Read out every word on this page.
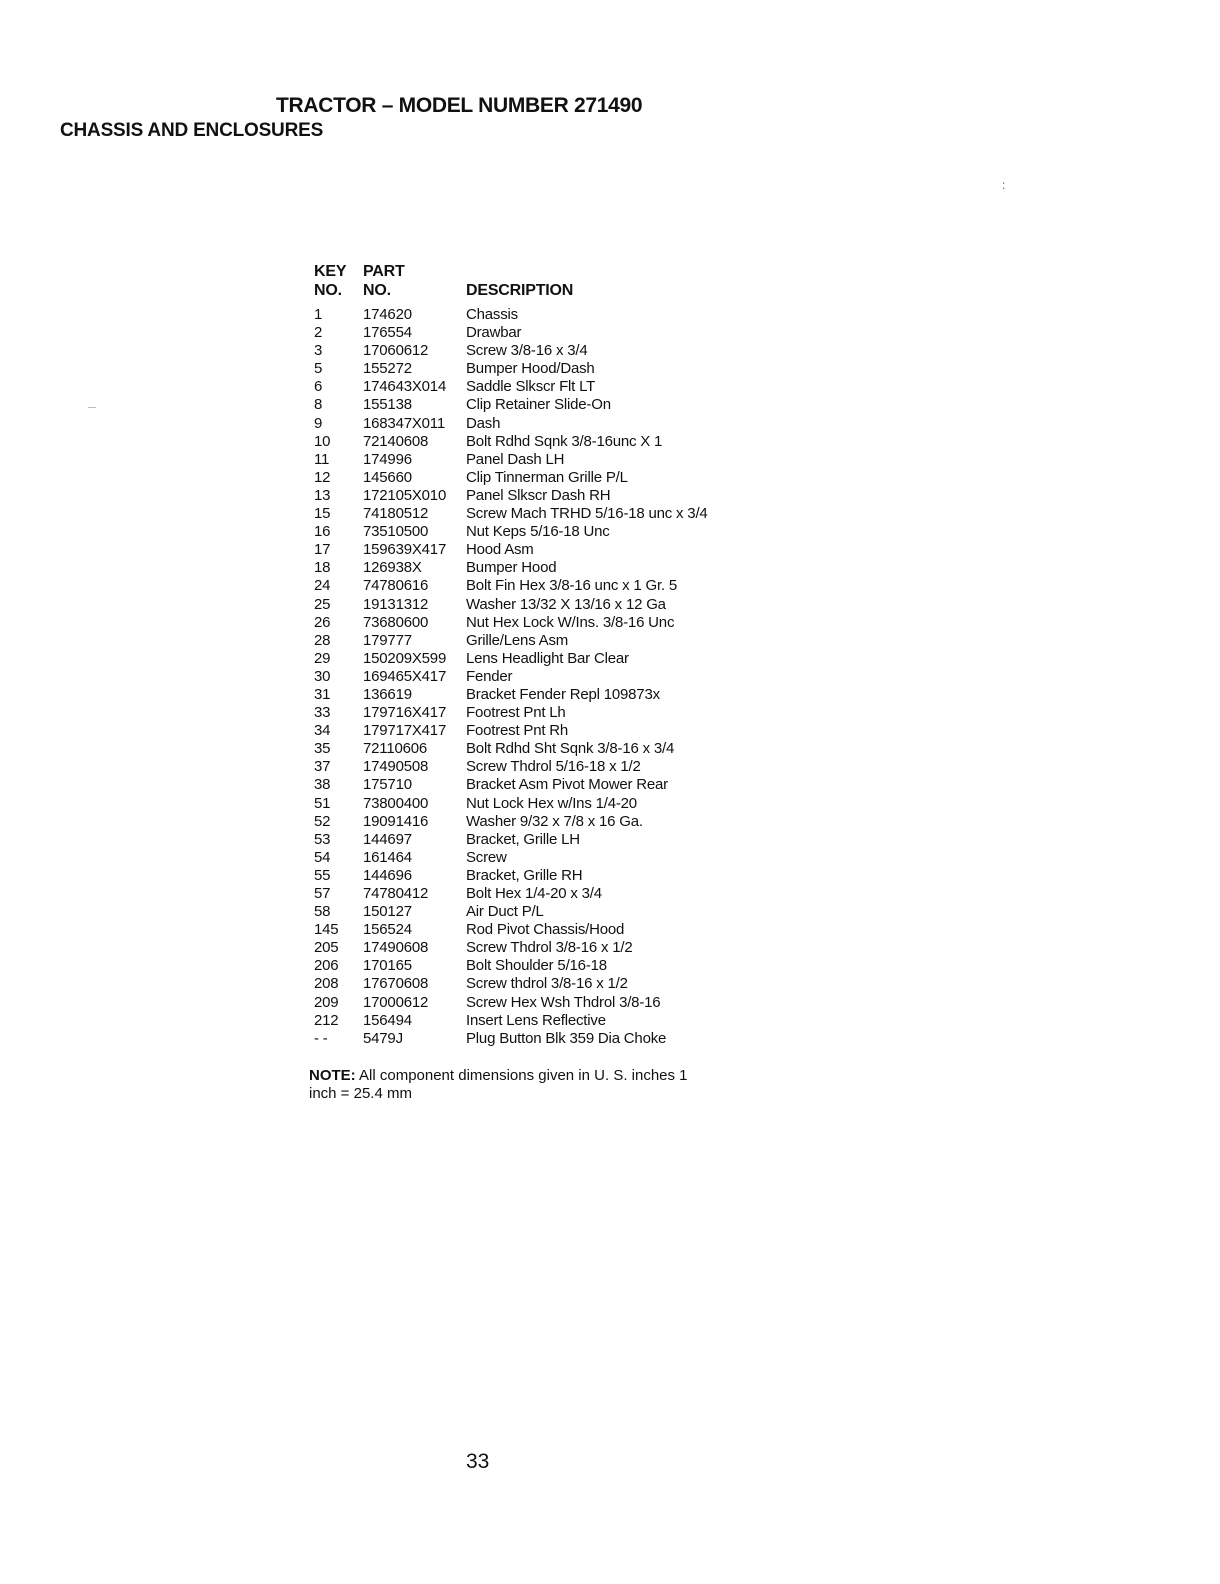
TRACTOR – MODEL NUMBER 271490
CHASSIS AND ENCLOSURES
:
KEY	PART	
NO.	NO.	DESCRIPTION
1	174620	Chassis
2	176554	Drawbar
3	17060612	Screw 3/8-16 x 3/4
5	155272	Bumper Hood/Dash
6	174643X014	Saddle Slkscr Flt LT
8	155138	Clip Retainer Slide-On
9	168347X011	Dash
10	72140608	Bolt Rdhd Sqnk 3/8-16unc X 1
11	174996	Panel Dash LH
12	145660	Clip Tinnerman Grille P/L
13	172105X010	Panel Slkscr Dash RH
15	74180512	Screw Mach TRHD 5/16-18 unc x 3/4
16	73510500	Nut Keps 5/16-18 Unc
17	159639X417	Hood Asm
18	126938X	Bumper Hood
24	74780616	Bolt Fin Hex 3/8-16 unc x 1 Gr. 5
25	19131312	Washer 13/32 X 13/16 x 12 Ga
26	73680600	Nut Hex Lock W/Ins. 3/8-16 Unc
28	179777	Grille/Lens Asm
29	150209X599	Lens Headlight Bar Clear
30	169465X417	Fender
31	136619	Bracket Fender Repl 109873x
33	179716X417	Footrest Pnt Lh
34	179717X417	Footrest Pnt Rh
35	72110606	Bolt Rdhd Sht Sqnk 3/8-16 x 3/4
37	17490508	Screw Thdrol 5/16-18 x 1/2
38	175710	Bracket Asm Pivot Mower Rear
51	73800400	Nut Lock Hex w/Ins 1/4-20
52	19091416	Washer 9/32 x 7/8 x 16 Ga.
53	144697	Bracket, Grille LH
54	161464	Screw
55	144696	Bracket, Grille RH
57	74780412	Bolt Hex 1/4-20 x 3/4
58	150127	Air Duct P/L
145	156524	Rod Pivot Chassis/Hood
205	17490608	Screw Thdrol 3/8-16 x 1/2
206	170165	Bolt Shoulder 5/16-18
208	17670608	Screw thdrol 3/8-16 x 1/2
209	17000612	Screw Hex Wsh Thdrol 3/8-16
212	156494	Insert Lens Reflective
- -	5479J	Plug Button Blk 359 Dia Choke
NOTE: All component dimensions given in U. S. inches 1 inch = 25.4 mm
33
